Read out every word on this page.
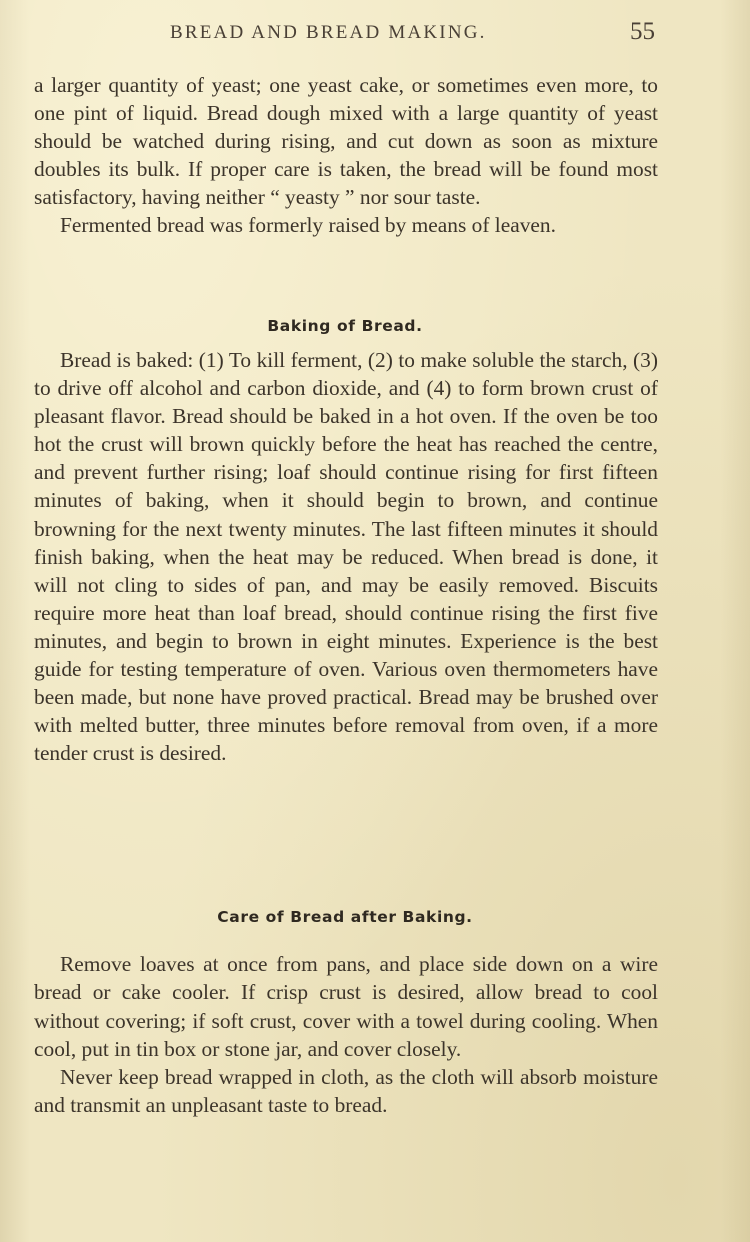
BREAD AND BREAD MAKING.	55

a larger quantity of yeast; one yeast cake, or sometimes even more, to one pint of liquid. Bread dough mixed with a large quantity of yeast should be watched during rising, and cut down as soon as mixture doubles its bulk. If proper care is taken, the bread will be found most satisfactory, having neither “ yeasty ” nor sour taste.

Fermented bread was formerly raised by means of leaven.

Baking of Bread.

Bread is baked: (1) To kill ferment, (2) to make soluble the starch, (3) to drive off alcohol and carbon dioxide, and (4) to form brown crust of pleasant flavor. Bread should be baked in a hot oven. If the oven be too hot the crust will brown quickly before the heat has reached the centre, and prevent further rising; loaf should continue rising for first fifteen minutes of baking, when it should begin to brown, and continue browning for the next twenty minutes. The last fifteen minutes it should finish baking, when the heat may be reduced. When bread is done, it will not cling to sides of pan, and may be easily removed. Biscuits require more heat than loaf bread, should continue rising the first five minutes, and begin to brown in eight minutes. Experience is the best guide for testing temperature of oven. Various oven thermometers have been made, but none have proved practical. Bread may be brushed over with melted butter, three minutes before removal from oven, if a more tender crust is desired.

Care of Bread after Baking.

Remove loaves at once from pans, and place side down on a wire bread or cake cooler. If crisp crust is desired, allow bread to cool without covering; if soft crust, cover with a towel during cooling. When cool, put in tin box or stone jar, and cover closely.

Never keep bread wrapped in cloth, as the cloth will absorb moisture and transmit an unpleasant taste to bread.
